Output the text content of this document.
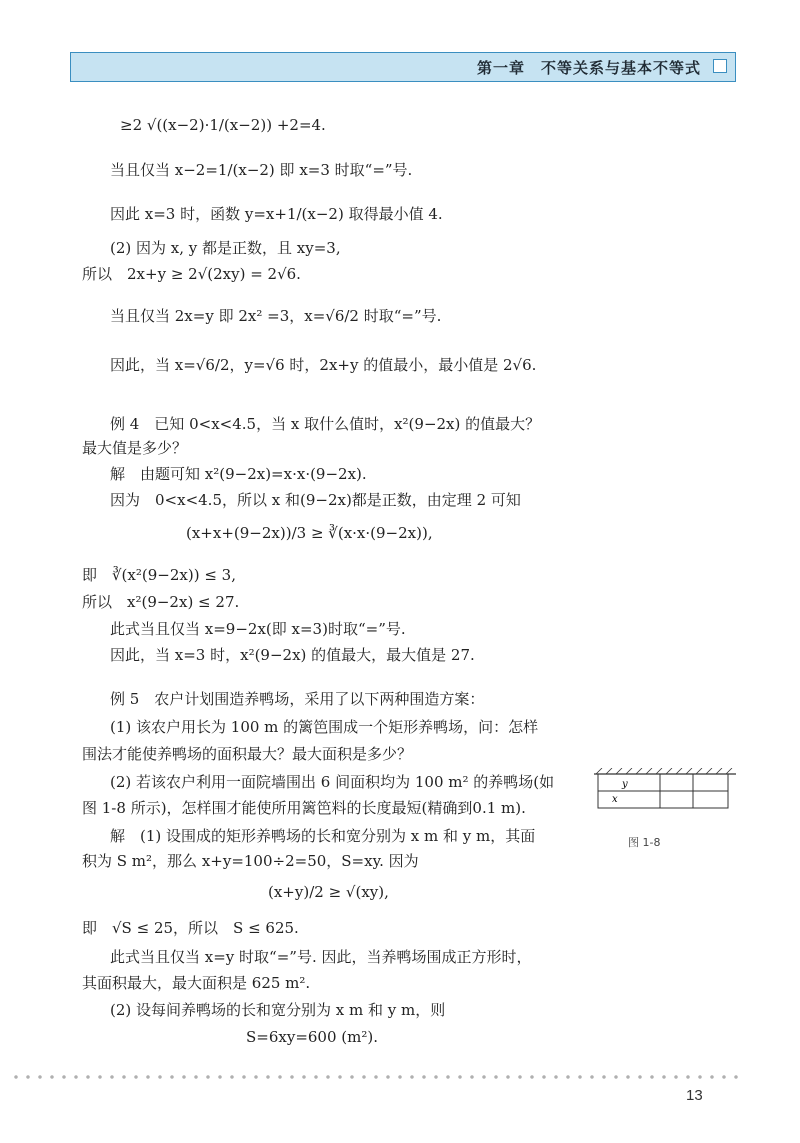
第一章　不等关系与基本不等式
≥2 √((x−2)·1/(x−2)) +2=4.
当且仅当 x−2=1/(x−2) 即 x=3 时取“=”号.
因此 x=3 时，函数 y=x+1/(x−2) 取得最小值 4.
(2) 因为 x, y 都是正数，且 xy=3,
所以　2x+y ≥ 2√(2xy) = 2√6.
当且仅当 2x=y 即 2x² =3，x=√6/2 时取“=”号.
因此，当 x=√6/2，y=√6 时，2x+y 的值最小，最小值是 2√6.
例 4　已知 0<x<4.5，当 x 取什么值时，x²(9−2x) 的值最大？
最大值是多少？
解　由题可知 x²(9−2x)=x·x·(9−2x).
因为　0<x<4.5，所以 x 和(9−2x)都是正数，由定理 2 可知
(x+x+(9−2x))/3 ≥ ∛(x·x·(9−2x)),
即　∛(x²(9−2x)) ≤ 3,
所以　x²(9−2x) ≤ 27.
此式当且仅当 x=9−2x(即 x=3)时取“=”号.
因此，当 x=3 时，x²(9−2x) 的值最大，最大值是 27.
例 5　农户计划围造养鸭场，采用了以下两种围造方案：
(1) 该农户用长为 100 m 的篱笆围成一个矩形养鸭场，问：怎样
围法才能使养鸭场的面积最大？最大面积是多少？
(2) 若该农户利用一面院墙围出 6 间面积均为 100 m² 的养鸭场(如
图 1-8 所示)，怎样围才能使所用篱笆料的长度最短(精确到0.1 m).
解　(1) 设围成的矩形养鸭场的长和宽分别为 x m 和 y m，其面
积为 S m²，那么 x+y=100÷2=50，S=xy. 因为
(x+y)/2 ≥ √(xy),
即　√S ≤ 25，所以　S ≤ 625.
此式当且仅当 x=y 时取“=”号. 因此，当养鸭场围成正方形时，
其面积最大，最大面积是 625 m².
(2) 设每间养鸭场的长和宽分别为 x m 和 y m，则
S=6xy=600 (m²).
y
x
图 1-8
13
